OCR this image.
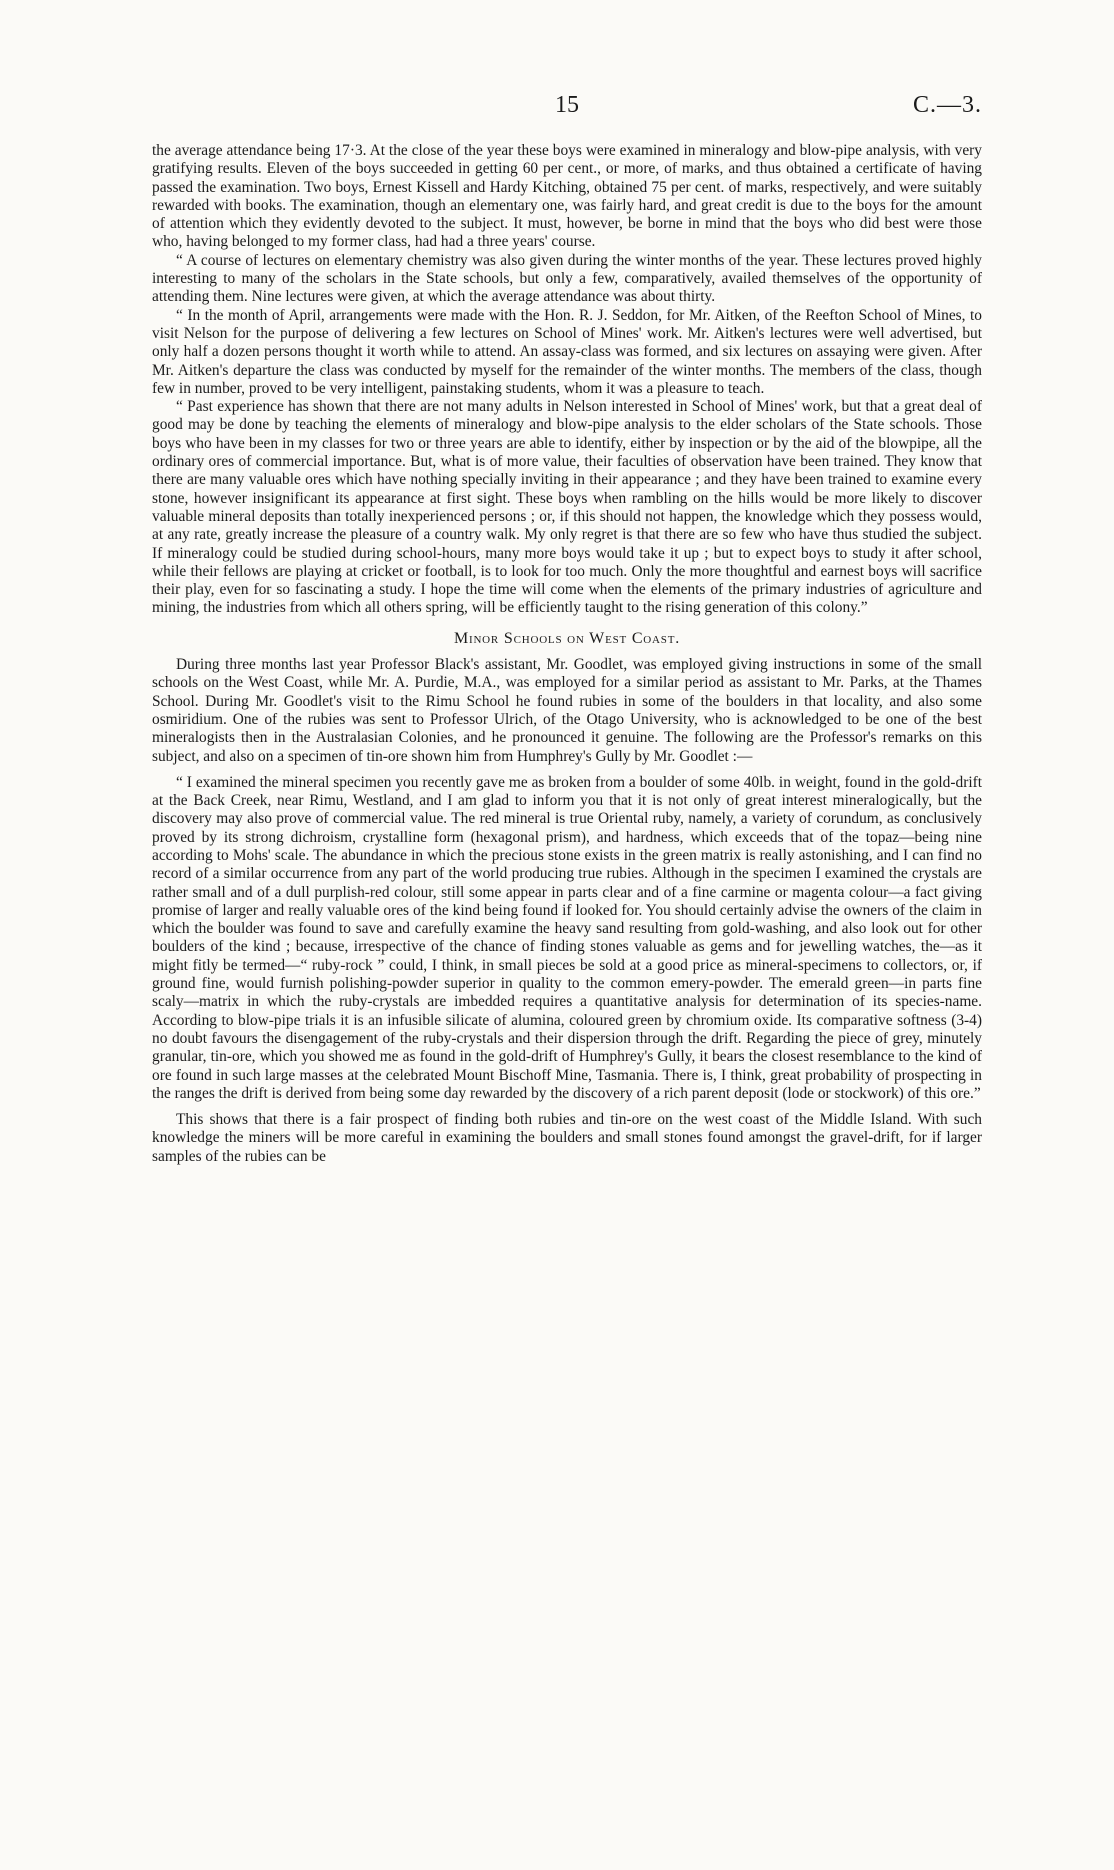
15	C.—3.

the average attendance being 17·3. At the close of the year these boys were examined in mineralogy and blow-pipe analysis, with very gratifying results. Eleven of the boys succeeded in getting 60 per cent., or more, of marks, and thus obtained a certificate of having passed the examination. Two boys, Ernest Kissell and Hardy Kitching, obtained 75 per cent. of marks, respectively, and were suitably rewarded with books. The examination, though an elementary one, was fairly hard, and great credit is due to the boys for the amount of attention which they evidently devoted to the subject. It must, however, be borne in mind that the boys who did best were those who, having belonged to my former class, had had a three years' course.

“ A course of lectures on elementary chemistry was also given during the winter months of the year. These lectures proved highly interesting to many of the scholars in the State schools, but only a few, comparatively, availed themselves of the opportunity of attending them. Nine lectures were given, at which the average attendance was about thirty.

“ In the month of April, arrangements were made with the Hon. R. J. Seddon, for Mr. Aitken, of the Reefton School of Mines, to visit Nelson for the purpose of delivering a few lectures on School of Mines' work. Mr. Aitken's lectures were well advertised, but only half a dozen persons thought it worth while to attend. An assay-class was formed, and six lectures on assaying were given. After Mr. Aitken's departure the class was conducted by myself for the remainder of the winter months. The members of the class, though few in number, proved to be very intelligent, painstaking students, whom it was a pleasure to teach.

“ Past experience has shown that there are not many adults in Nelson interested in School of Mines' work, but that a great deal of good may be done by teaching the elements of mineralogy and blow-pipe analysis to the elder scholars of the State schools. Those boys who have been in my classes for two or three years are able to identify, either by inspection or by the aid of the blowpipe, all the ordinary ores of commercial importance. But, what is of more value, their faculties of observation have been trained. They know that there are many valuable ores which have nothing specially inviting in their appearance ; and they have been trained to examine every stone, however insignificant its appearance at first sight. These boys when rambling on the hills would be more likely to discover valuable mineral deposits than totally inexperienced persons ; or, if this should not happen, the knowledge which they possess would, at any rate, greatly increase the pleasure of a country walk. My only regret is that there are so few who have thus studied the subject. If mineralogy could be studied during school-hours, many more boys would take it up ; but to expect boys to study it after school, while their fellows are playing at cricket or football, is to look for too much. Only the more thoughtful and earnest boys will sacrifice their play, even for so fascinating a study. I hope the time will come when the elements of the primary industries of agriculture and mining, the industries from which all others spring, will be efficiently taught to the rising generation of this colony.”

Minor Schools on West Coast.

During three months last year Professor Black's assistant, Mr. Goodlet, was employed giving instructions in some of the small schools on the West Coast, while Mr. A. Purdie, M.A., was employed for a similar period as assistant to Mr. Parks, at the Thames School. During Mr. Goodlet's visit to the Rimu School he found rubies in some of the boulders in that locality, and also some osmiridium. One of the rubies was sent to Professor Ulrich, of the Otago University, who is acknowledged to be one of the best mineralogists then in the Australasian Colonies, and he pronounced it genuine. The following are the Professor's remarks on this subject, and also on a specimen of tin-ore shown him from Humphrey's Gully by Mr. Goodlet :—

“ I examined the mineral specimen you recently gave me as broken from a boulder of some 40lb. in weight, found in the gold-drift at the Back Creek, near Rimu, Westland, and I am glad to inform you that it is not only of great interest mineralogically, but the discovery may also prove of commercial value. The red mineral is true Oriental ruby, namely, a variety of corundum, as conclusively proved by its strong dichroism, crystalline form (hexagonal prism), and hardness, which exceeds that of the topaz—being nine according to Mohs' scale. The abundance in which the precious stone exists in the green matrix is really astonishing, and I can find no record of a similar occurrence from any part of the world producing true rubies. Although in the specimen I examined the crystals are rather small and of a dull purplish-red colour, still some appear in parts clear and of a fine carmine or magenta colour—a fact giving promise of larger and really valuable ores of the kind being found if looked for. You should certainly advise the owners of the claim in which the boulder was found to save and carefully examine the heavy sand resulting from gold-washing, and also look out for other boulders of the kind ; because, irrespective of the chance of finding stones valuable as gems and for jewelling watches, the—as it might fitly be termed—“ ruby-rock ” could, I think, in small pieces be sold at a good price as mineral-specimens to collectors, or, if ground fine, would furnish polishing-powder superior in quality to the common emery-powder. The emerald green—in parts fine scaly—matrix in which the ruby-crystals are imbedded requires a quantitative analysis for determination of its species-name. According to blow-pipe trials it is an infusible silicate of alumina, coloured green by chromium oxide. Its comparative softness (3-4) no doubt favours the disengagement of the ruby-crystals and their dispersion through the drift. Regarding the piece of grey, minutely granular, tin-ore, which you showed me as found in the gold-drift of Humphrey's Gully, it bears the closest resemblance to the kind of ore found in such large masses at the celebrated Mount Bischoff Mine, Tasmania. There is, I think, great probability of prospecting in the ranges the drift is derived from being some day rewarded by the discovery of a rich parent deposit (lode or stockwork) of this ore.”

This shows that there is a fair prospect of finding both rubies and tin-ore on the west coast of the Middle Island. With such knowledge the miners will be more careful in examining the boulders and small stones found amongst the gravel-drift, for if larger samples of the rubies can be
